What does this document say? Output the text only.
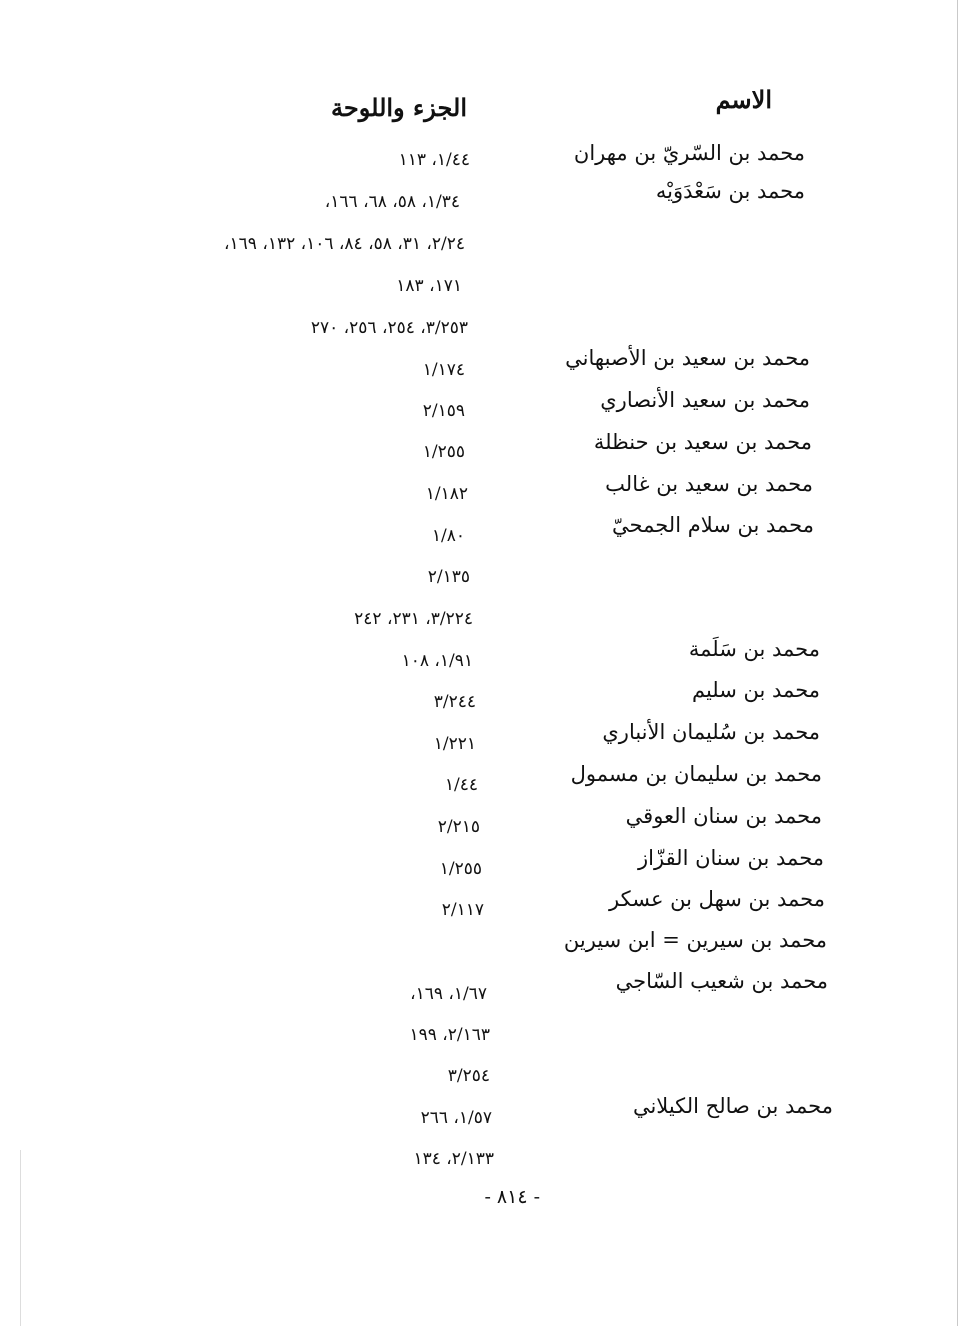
الاسم
الجزء واللوحة
محمد بن السّريّ بن مهران
محمد بن سَعْدَوَيْه
محمد بن سعيد بن الأصبهاني
محمد بن سعيد الأنصاري
محمد بن سعيد بن حنظلة
محمد بن سعيد بن غالب
محمد بن سلام الجمحيّ
محمد بن سَلَمة
محمد بن سليم
محمد بن سُليمان الأنباري
محمد بن سليمان بن مسمول
محمد بن سنان العوقي
محمد بن سنان القزّاز
محمد بن سهل بن عسكر
محمد بن سيرين = ابن سيرين
محمد بن شعيب السّاجي
محمد بن صالح الكيلاني
١/٤٤، ١١٣
١/٣٤، ٥٨، ٦٨، ١٦٦،
٢/٢٤، ٣١، ٥٨، ٨٤، ١٠٦، ١٣٢، ١٦٩،
١٧١، ١٨٣
٣/٢٥٣، ٢٥٤، ٢٥٦، ٢٧٠
١/١٧٤
٢/١٥٩
١/٢٥٥
١/١٨٢
١/٨٠
٢/١٣٥
٣/٢٢٤، ٢٣١، ٢٤٢
١/٩١، ١٠٨
٣/٢٤٤
١/٢٢١
١/٤٤
٢/٢١٥
١/٢٥٥
٢/١١٧
١/٦٧، ١٦٩،
٢/١٦٣، ١٩٩
٣/٢٥٤
١/٥٧، ٢٦٦
٢/١٣٣، ١٣٤
- ٨١٤ -
